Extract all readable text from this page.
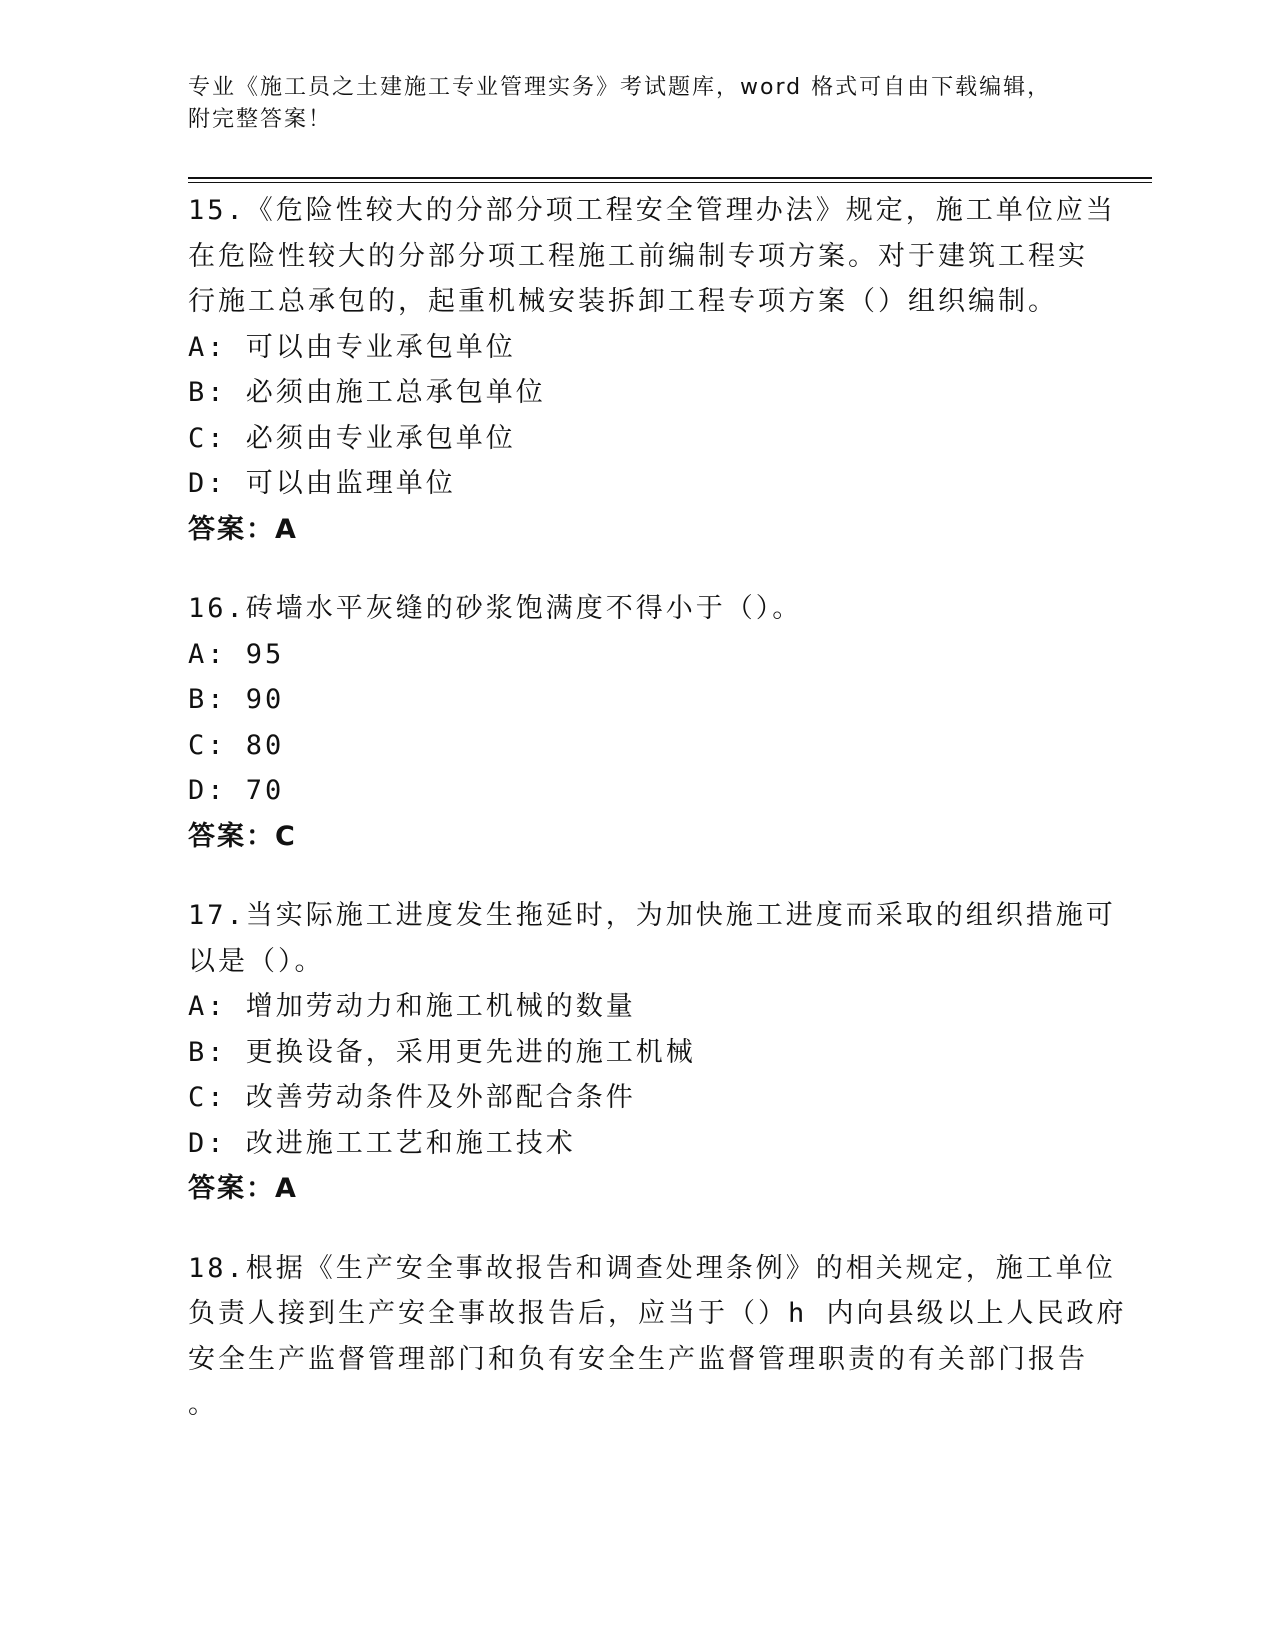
专业《施工员之土建施工专业管理实务》考试题库，word 格式可自由下载编辑，
附完整答案！
15.《危险性较大的分部分项工程安全管理办法》规定，施工单位应当
在危险性较大的分部分项工程施工前编制专项方案。对于建筑工程实
行施工总承包的，起重机械安装拆卸工程专项方案（）组织编制。
A: 可以由专业承包单位
B: 必须由施工总承包单位
C: 必须由专业承包单位
D: 可以由监理单位
答案：A
16.砖墙水平灰缝的砂浆饱满度不得小于（）。
A: 95
B: 90
C: 80
D: 70
答案：C
17.当实际施工进度发生拖延时，为加快施工进度而采取的组织措施可
以是（）。
A: 增加劳动力和施工机械的数量
B: 更换设备，采用更先进的施工机械
C: 改善劳动条件及外部配合条件
D: 改进施工工艺和施工技术
答案：A
18.根据《生产安全事故报告和调查处理条例》的相关规定，施工单位
负责人接到生产安全事故报告后，应当于（）h 内向县级以上人民政府
安全生产监督管理部门和负有安全生产监督管理职责的有关部门报告
。
